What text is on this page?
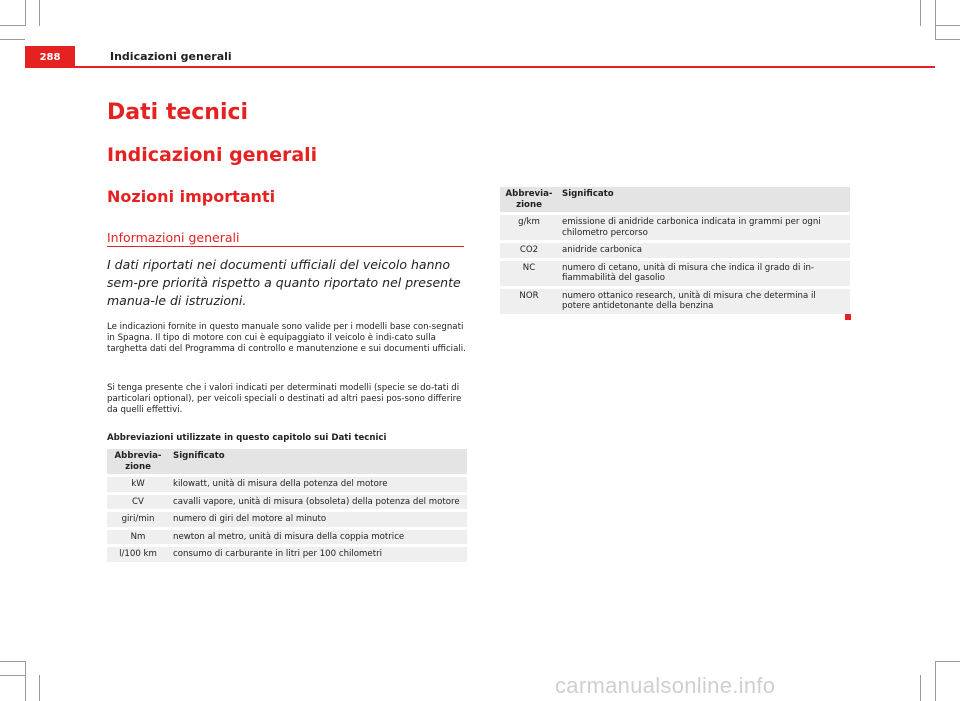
288	Indicazioni generali
Dati tecnici
Indicazioni generali
Nozioni importanti
Informazioni generali

I dati riportati nei documenti ufficiali del veicolo hanno sem-pre priorità rispetto a quanto riportato nel presente manua-le di istruzioni.

Le indicazioni fornite in questo manuale sono valide per i modelli base con-segnati in Spagna. Il tipo di motore con cui è equipaggiato il veicolo è indi-cato sulla targhetta dati del Programma di controllo e manutenzione e sui documenti ufficiali.

Si tenga presente che i valori indicati per determinati modelli (specie se do-tati di particolari optional), per veicoli speciali o destinati ad altri paesi pos-sono differire da quelli effettivi.

Abbreviazioni utilizzate in questo capitolo sui Dati tecnici

Abbrevia-zione	Significato
kW	kilowatt, unità di misura della potenza del motore
CV	cavalli vapore, unità di misura (obsoleta) della potenza del motore
giri/min	numero di giri del motore al minuto
Nm	newton al metro, unità di misura della coppia motrice
l/100 km	consumo di carburante in litri per 100 chilometri
Abbrevia-zione	Significato
g/km	emissione di anidride carbonica indicata in grammi per ogni chilometro percorso
CO2	anidride carbonica
NC	numero di cetano, unità di misura che indica il grado di in-fiammabilità del gasolio
NOR	numero ottanico research, unità di misura che determina il potere antidetonante della benzina
carmanualsonline.info
